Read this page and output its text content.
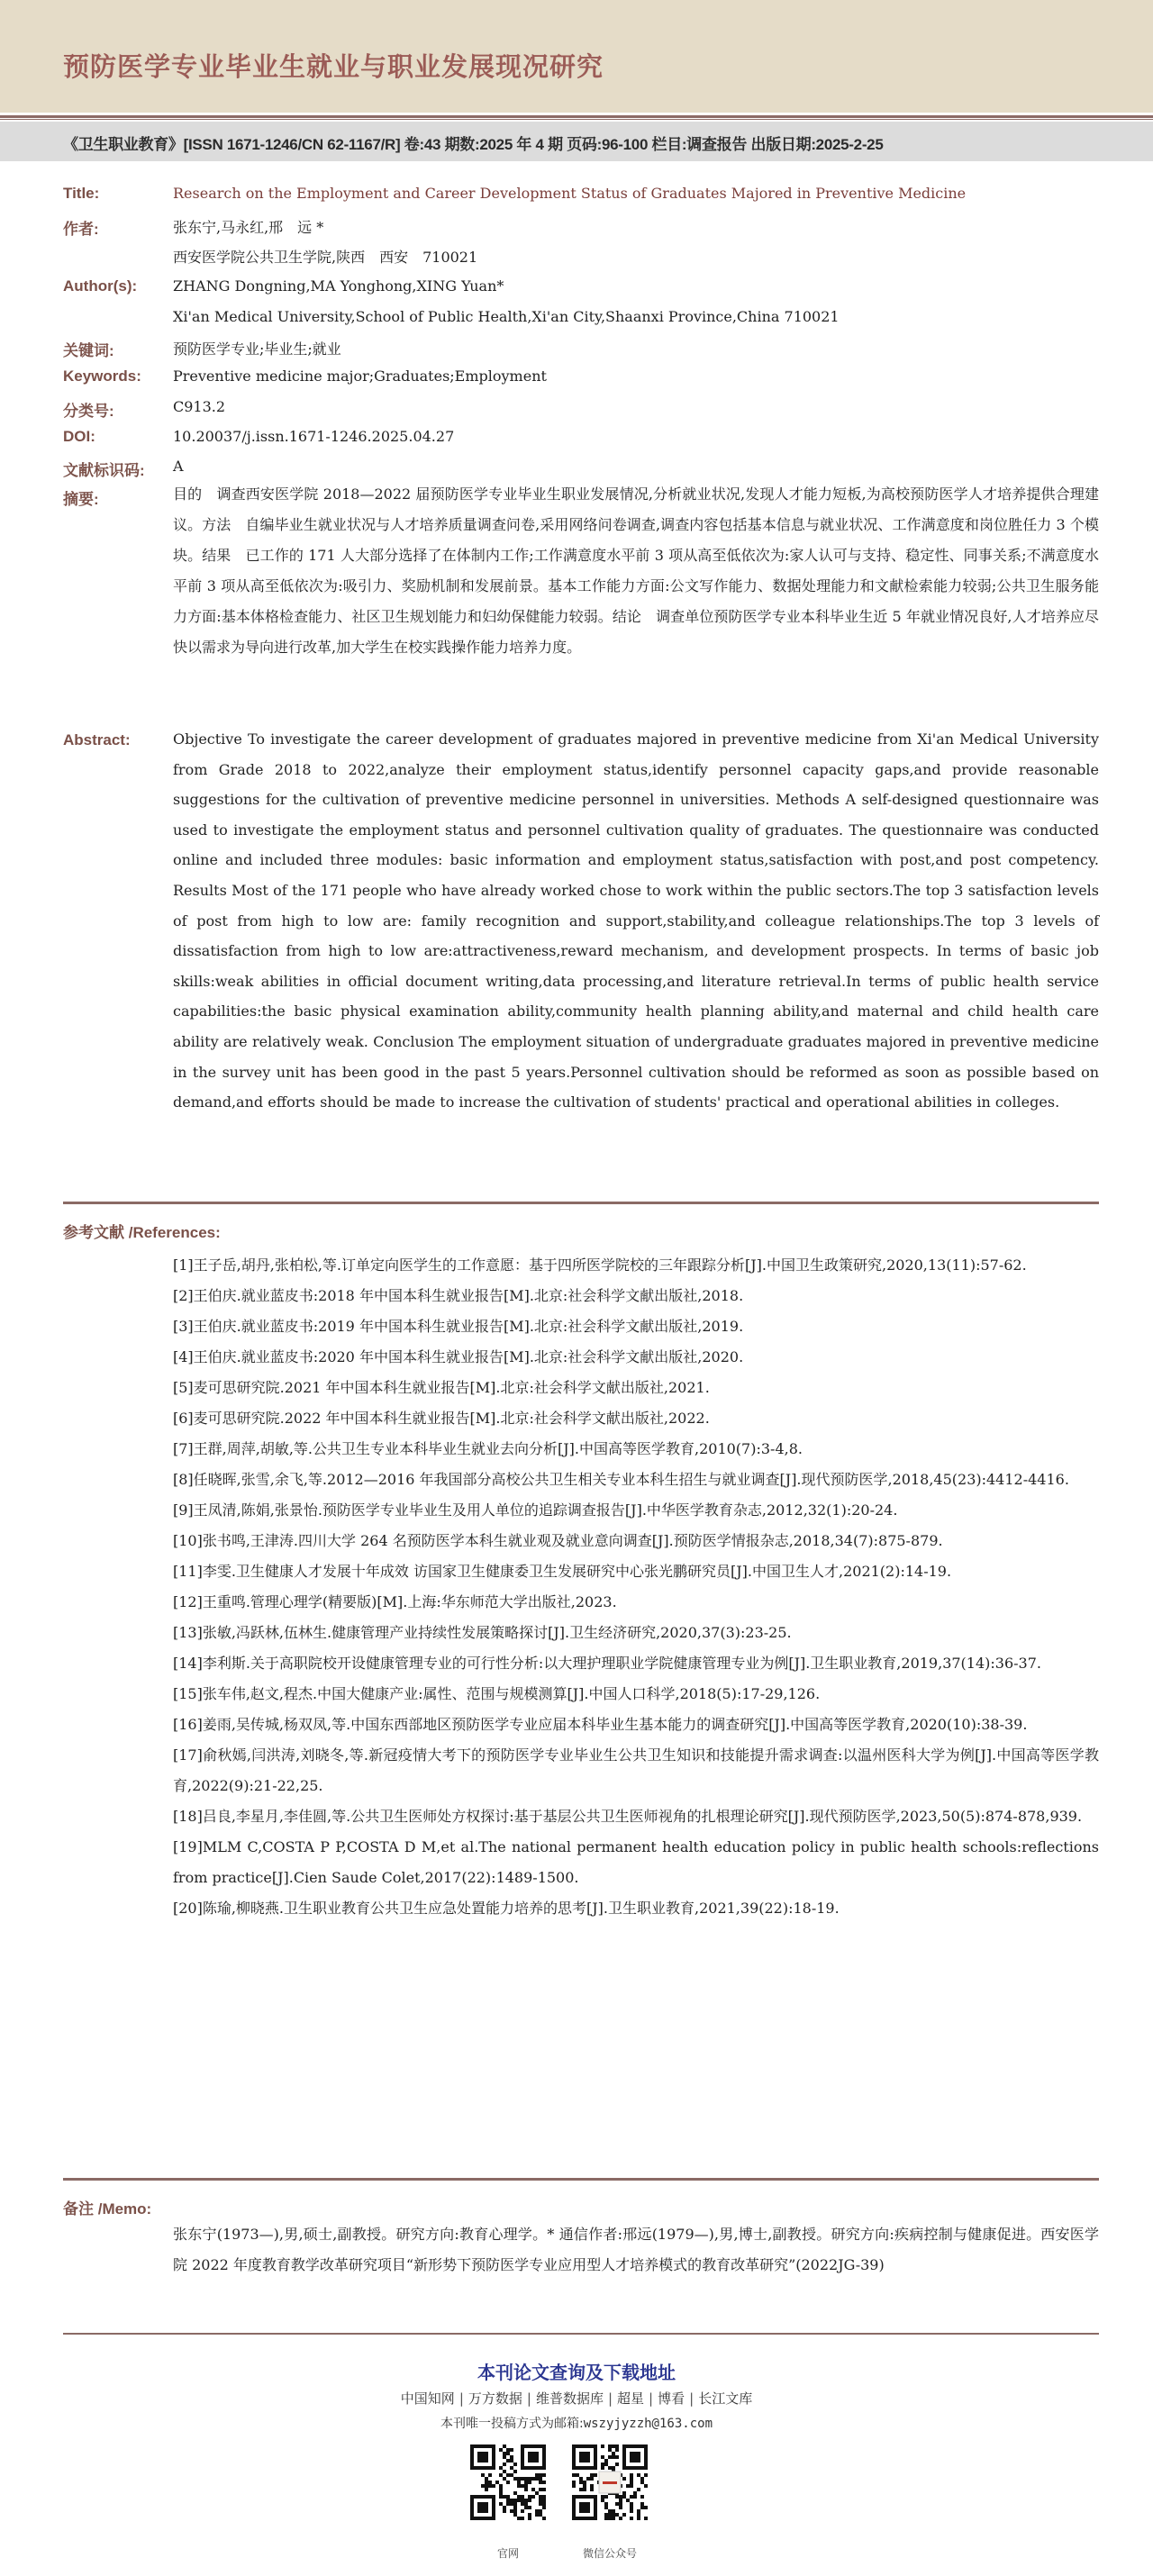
预防医学专业毕业生就业与职业发展现况研究
《卫生职业教育》[ISSN 1671-1246/CN 62-1167/R] 卷:43 期数:2025 年 4 期 页码:96-100 栏目:调查报告 出版日期:2025-2-25
Title:	Research on the Employment and Career Development Status of Graduates Majored in Preventive Medicine
作者:	张东宁,马永红,邢　远 *
西安医学院公共卫生学院,陕西　西安　710021
Author(s): ZHANG Dongning,MA Yonghong,XING Yuan*
Xi'an Medical University,School of Public Health,Xi'an City,Shaanxi Province,China 710021
关键词:	预防医学专业;毕业生;就业
Keywords: Preventive medicine major;Graduates;Employment
分类号:	C913.2
DOI:	10.20037/j.issn.1671-1246.2025.04.27
文献标识码: A
摘要:	目的　调查西安医学院 2018—2022 届预防医学专业毕业生职业发展情况,分析就业状况,发现人才能力短板,为高校预防医学人才培养提供合理建议。方法　自编毕业生就业状况与人才培养质量调查问卷,采用网络问卷调查,调查内容包括基本信息与就业状况、工作满意度和岗位胜任力 3 个模块。结果　已工作的 171 人大部分选择了在体制内工作;工作满意度水平前 3 项从高至低依次为:家人认可与支持、稳定性、同事关系;不满意度水平前 3 项从高至低依次为:吸引力、奖励机制和发展前景。基本工作能力方面:公文写作能力、数据处理能力和文献检索能力较弱;公共卫生服务能力方面:基本体格检查能力、社区卫生规划能力和妇幼保健能力较弱。结论　调查单位预防医学专业本科毕业生近 5 年就业情况良好,人才培养应尽快以需求为导向进行改革,加大学生在校实践操作能力培养力度。
Abstract:	Objective To investigate the career development of graduates majored in preventive medicine from Xi'an Medical University from Grade 2018 to 2022,analyze their employment status,identify personnel capacity gaps,and provide reasonable suggestions for the cultivation of preventive medicine personnel in universities. Methods A self-designed questionnaire was used to investigate the employment status and personnel cultivation quality of graduates. The questionnaire was conducted online and included three modules: basic information and employment status,satisfaction with post,and post competency. Results Most of the 171 people who have already worked chose to work within the public sectors.The top 3 satisfaction levels of post from high to low are: family recognition and support,stability,and colleague relationships.The top 3 levels of dissatisfaction from high to low are:attractiveness,reward mechanism, and development prospects. In terms of basic job skills:weak abilities in official document writing,data processing,and literature retrieval.In terms of public health service capabilities:the basic physical examination ability,community health planning ability,and maternal and child health care ability are relatively weak. Conclusion The employment situation of undergraduate graduates majored in preventive medicine in the survey unit has been good in the past 5 years.Personnel cultivation should be reformed as soon as possible based on demand,and efforts should be made to increase the cultivation of students' practical and operational abilities in colleges.
参考文献 /References:
[1]王子岳,胡丹,张柏松,等.订单定向医学生的工作意愿：基于四所医学院校的三年跟踪分析[J].中国卫生政策研究,2020,13(11):57-62.
[2]王伯庆.就业蓝皮书:2018 年中国本科生就业报告[M].北京:社会科学文献出版社,2018.
[3]王伯庆.就业蓝皮书:2019 年中国本科生就业报告[M].北京:社会科学文献出版社,2019.
[4]王伯庆.就业蓝皮书:2020 年中国本科生就业报告[M].北京:社会科学文献出版社,2020.
[5]麦可思研究院.2021 年中国本科生就业报告[M].北京:社会科学文献出版社,2021.
[6]麦可思研究院.2022 年中国本科生就业报告[M].北京:社会科学文献出版社,2022.
[7]王群,周萍,胡敏,等.公共卫生专业本科毕业生就业去向分析[J].中国高等医学教育,2010(7):3-4,8.
[8]任晓晖,张雪,余飞,等.2012—2016 年我国部分高校公共卫生相关专业本科生招生与就业调查[J].现代预防医学,2018,45(23):4412-4416.
[9]王凤清,陈娟,张景怡.预防医学专业毕业生及用人单位的追踪调查报告[J].中华医学教育杂志,2012,32(1):20-24.
[10]张书鸣,王津涛.四川大学 264 名预防医学本科生就业观及就业意向调查[J].预防医学情报杂志,2018,34(7):875-879.
[11]李雯.卫生健康人才发展十年成效 访国家卫生健康委卫生发展研究中心张光鹏研究员[J].中国卫生人才,2021(2):14-19.
[12]王重鸣.管理心理学(精要版)[M].上海:华东师范大学出版社,2023.
[13]张敏,冯跃林,伍林生.健康管理产业持续性发展策略探讨[J].卫生经济研究,2020,37(3):23-25.
[14]李利斯.关于高职院校开设健康管理专业的可行性分析:以大理护理职业学院健康管理专业为例[J].卫生职业教育,2019,37(14):36-37.
[15]张车伟,赵文,程杰.中国大健康产业:属性、范围与规模测算[J].中国人口科学,2018(5):17-29,126.
[16]姜雨,吴传城,杨双凤,等.中国东西部地区预防医学专业应届本科毕业生基本能力的调查研究[J].中国高等医学教育,2020(10):38-39.
[17]俞秋嫣,闫洪涛,刘晓冬,等.新冠疫情大考下的预防医学专业毕业生公共卫生知识和技能提升需求调查:以温州医科大学为例[J].中国高等医学教育,2022(9):21-22,25.
[18]吕良,李星月,李佳圆,等.公共卫生医师处方权探讨:基于基层公共卫生医师视角的扎根理论研究[J].现代预防医学,2023,50(5):874-878,939.
[19]MLM C,COSTA P P,COSTA D M,et al.The national permanent health education policy in public health schools:reflections from practice[J].Cien Saude Colet,2017(22):1489-1500.
[20]陈瑜,柳晓燕.卫生职业教育公共卫生应急处置能力培养的思考[J].卫生职业教育,2021,39(22):18-19.
备注 /Memo:
张东宁(1973—),男,硕士,副教授。研究方向:教育心理学。* 通信作者:邢远(1979—),男,博士,副教授。研究方向:疾病控制与健康促进。西安医学院 2022 年度教育教学改革研究项目“新形势下预防医学专业应用型人才培养模式的教育改革研究”(2022JG-39)
本刊论文查询及下载地址
中国知网 | 万方数据 | 维普数据库 | 超星 | 博看 | 长江文库
本刊唯一投稿方式为邮箱:wszyjyzzh@163.com
官网	微信公众号
